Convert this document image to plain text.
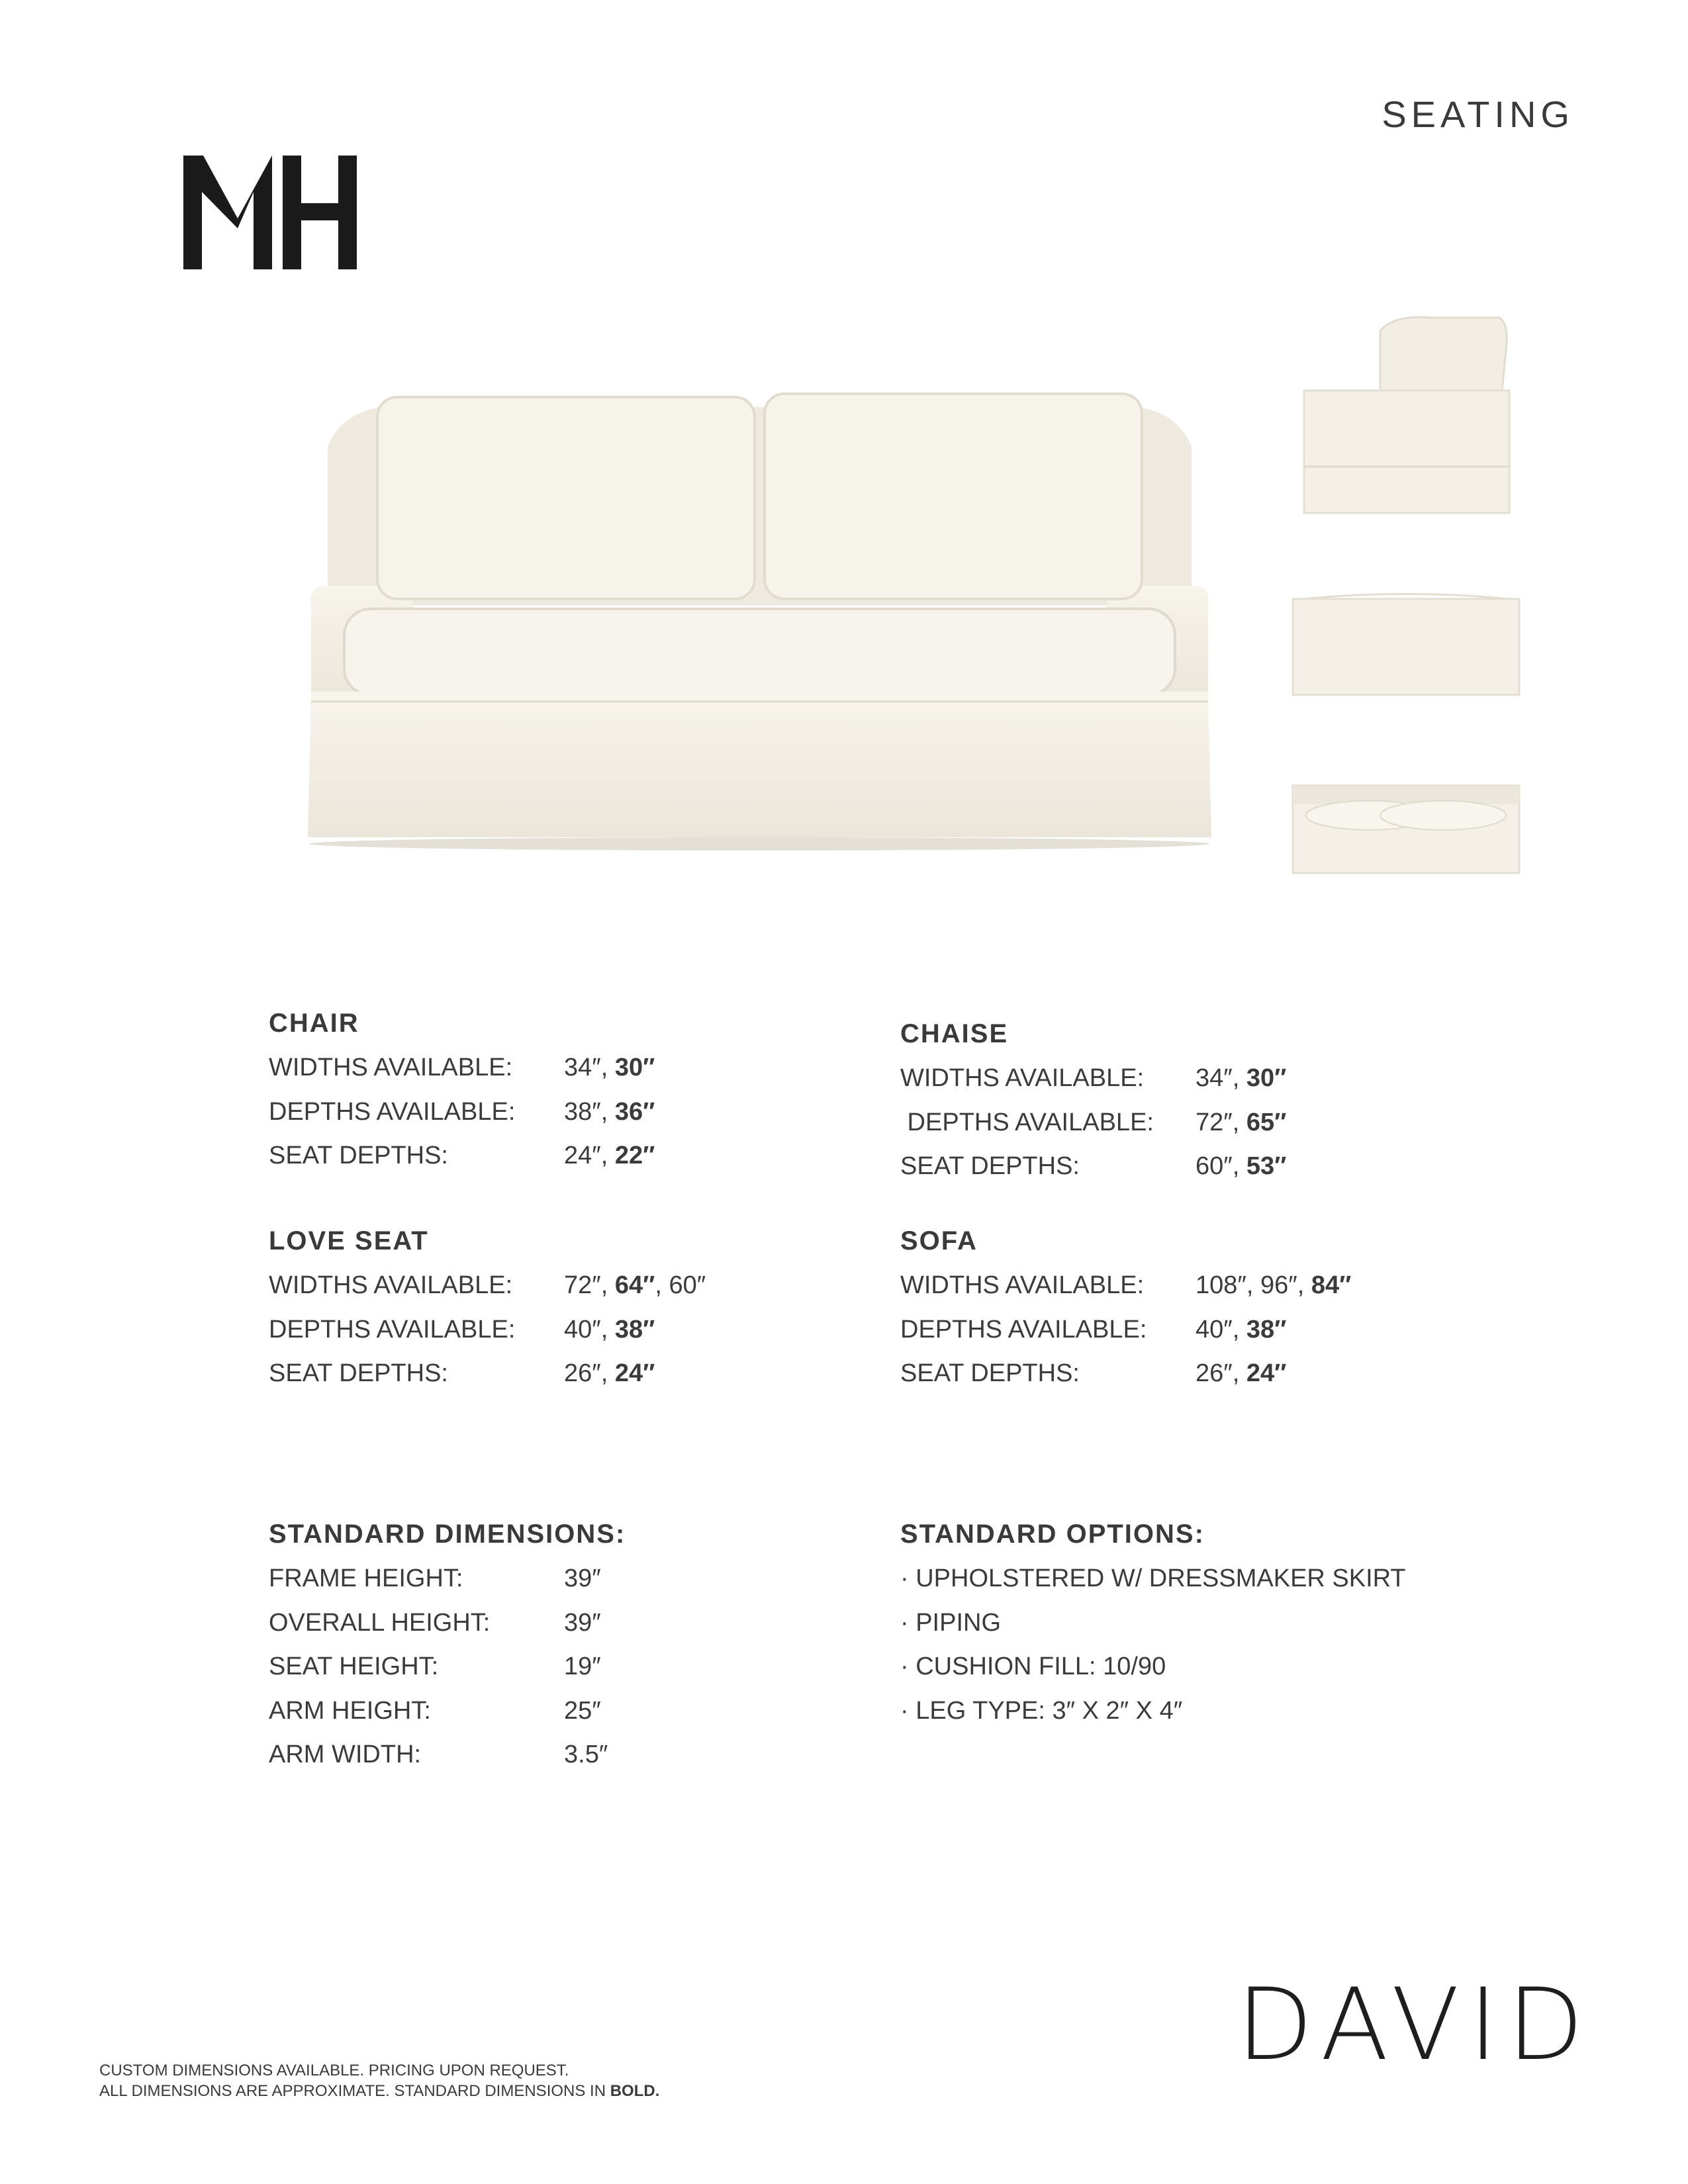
SEATING
CHAIR
WIDTHS AVAILABLE:	34″, 30″
DEPTHS AVAILABLE:	38″, 36″
SEAT DEPTHS:	24″, 22″
CHAISE
WIDTHS AVAILABLE:	34″, 30″
DEPTHS AVAILABLE:	72″, 65″
SEAT DEPTHS:	60″, 53″
LOVE SEAT
WIDTHS AVAILABLE:	72″, 64″, 60″
DEPTHS AVAILABLE:	40″, 38″
SEAT DEPTHS:	26″, 24″
SOFA
WIDTHS AVAILABLE:	108″, 96″, 84″
DEPTHS AVAILABLE:	40″, 38″
SEAT DEPTHS:	26″, 24″
STANDARD DIMENSIONS:
FRAME HEIGHT:	39″
OVERALL HEIGHT:	39″
SEAT HEIGHT:	19″
ARM HEIGHT:	25″
ARM WIDTH:	3.5″
STANDARD OPTIONS:
· UPHOLSTERED W/ DRESSMAKER SKIRT
· PIPING
· CUSHION FILL: 10/90
· LEG TYPE: 3″ X 2″ X 4″
DAVID
CUSTOM DIMENSIONS AVAILABLE. PRICING UPON REQUEST.
ALL DIMENSIONS ARE APPROXIMATE. STANDARD DIMENSIONS IN BOLD.
